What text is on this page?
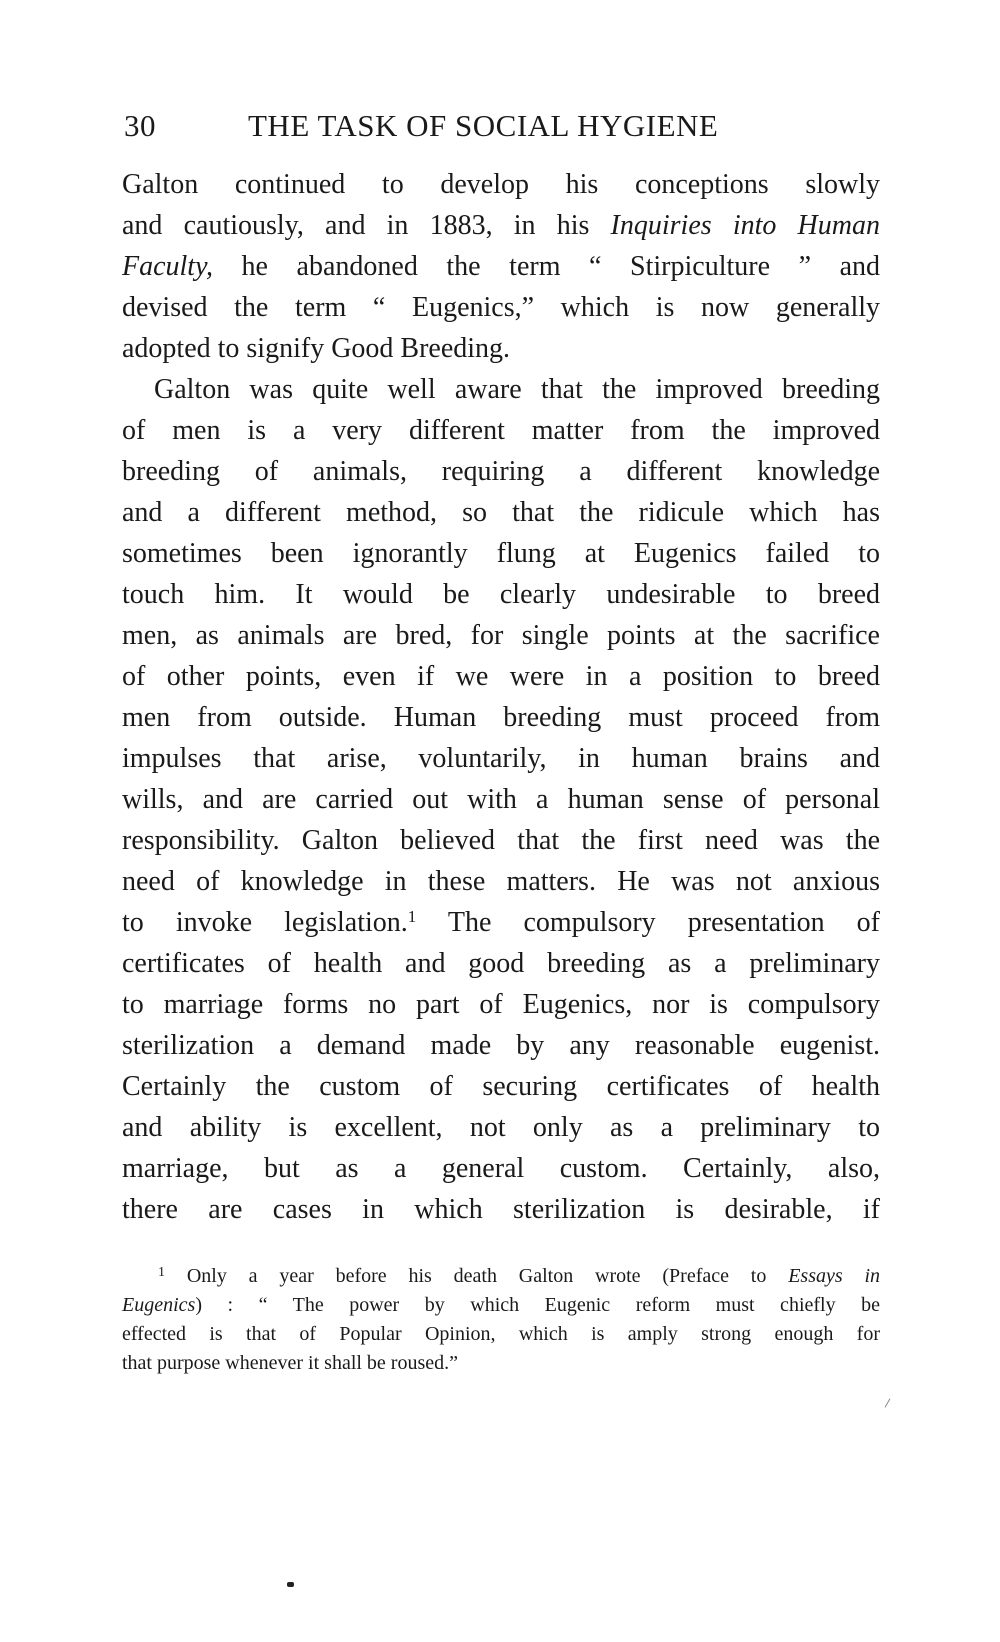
30	THE TASK OF SOCIAL HYGIENE
Galton continued to develop his conceptions slowly
and cautiously, and in 1883, in his Inquiries into Human
Faculty, he abandoned the term “ Stirpiculture ” and
devised the term “ Eugenics,” which is now generally
adopted to signify Good Breeding.
Galton was quite well aware that the improved breeding
of men is a very different matter from the improved
breeding of animals, requiring a different knowledge
and a different method, so that the ridicule which has
sometimes been ignorantly flung at Eugenics failed to
touch him. It would be clearly undesirable to breed
men, as animals are bred, for single points at the sacrifice
of other points, even if we were in a position to breed
men from outside. Human breeding must proceed from
impulses that arise, voluntarily, in human brains and
wills, and are carried out with a human sense of personal
responsibility. Galton believed that the first need was the
need of knowledge in these matters. He was not anxious
to invoke legislation.$^1$ The compulsory presentation of
certificates of health and good breeding as a preliminary
to marriage forms no part of Eugenics, nor is compulsory
sterilization a demand made by any reasonable eugenist.
Certainly the custom of securing certificates of health
and ability is excellent, not only as a preliminary to
marriage, but as a general custom. Certainly, also,
there are cases in which sterilization is desirable, if
$^1$ Only a year before his death Galton wrote (Preface to Essays in
Eugenics) : “ The power by which Eugenic reform must chiefly be
effected is that of Popular Opinion, which is amply strong enough for
that purpose whenever it shall be roused.”
